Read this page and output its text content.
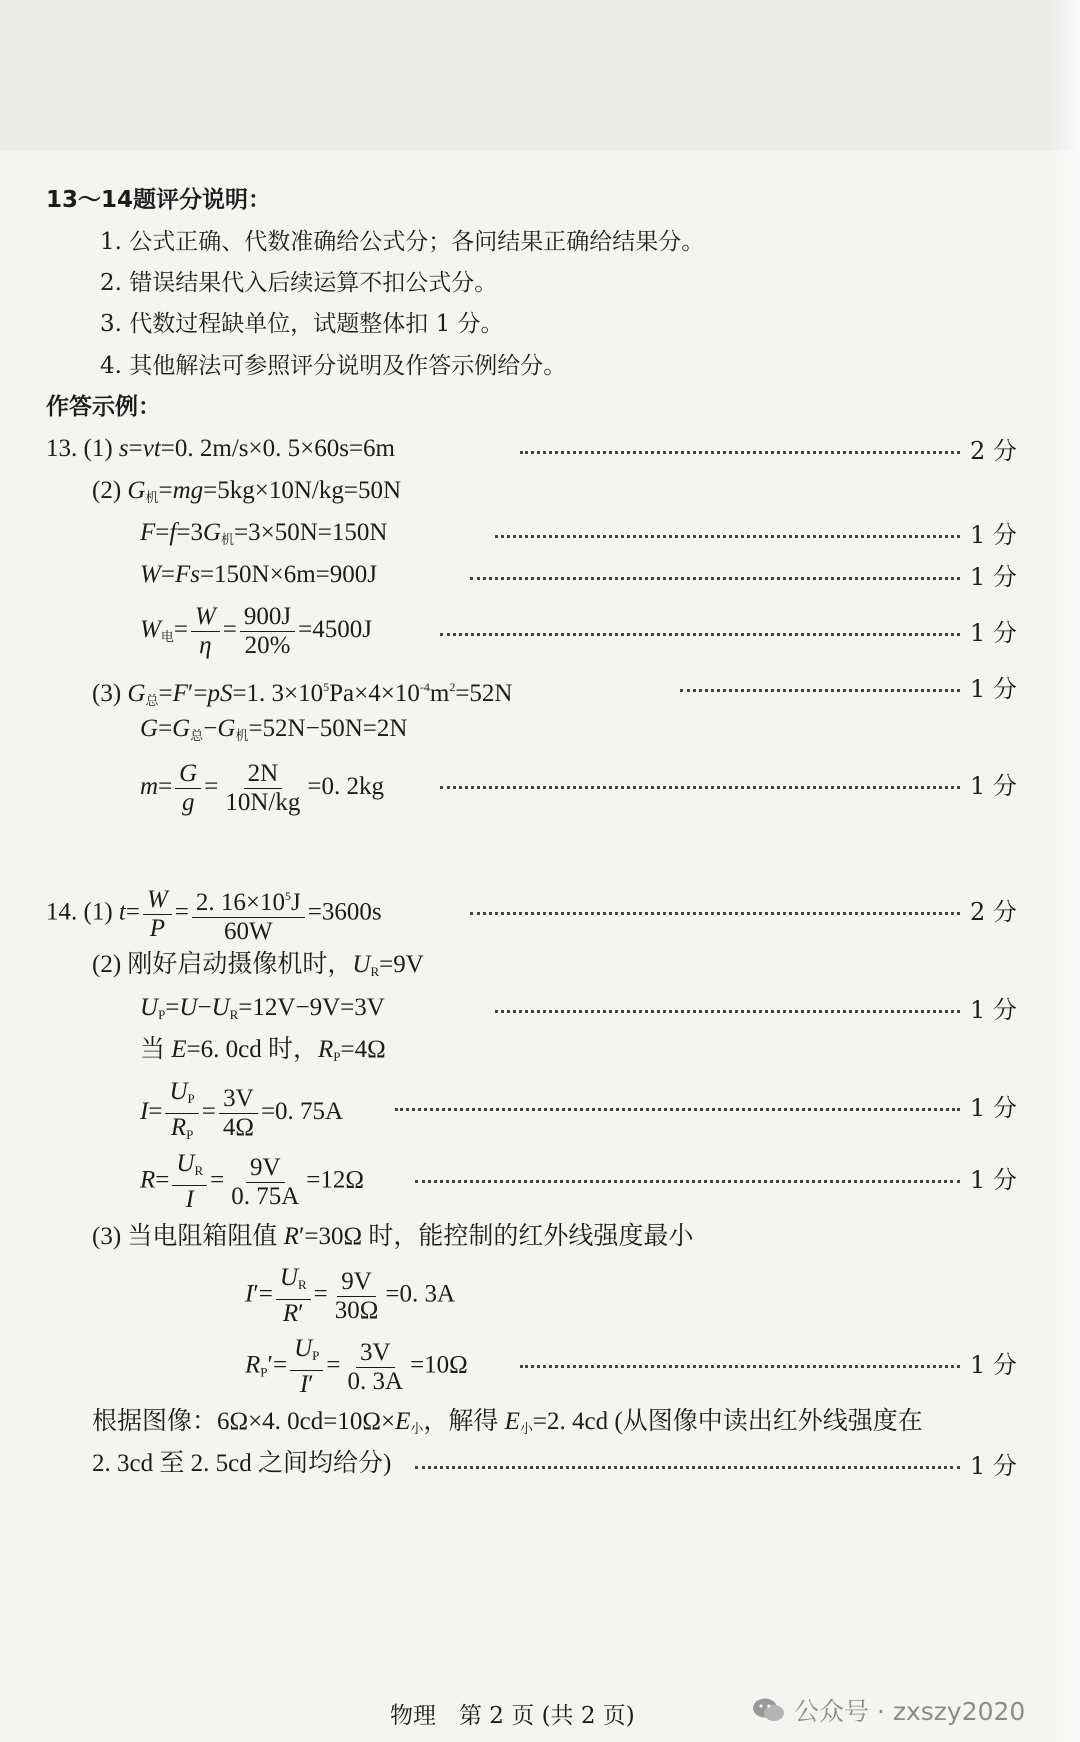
13～14题评分说明：
1. 公式正确、代数准确给公式分；各问结果正确给结果分。
2. 错误结果代入后续运算不扣公式分。
3. 代数过程缺单位，试题整体扣 1 分。
4. 其他解法可参照评分说明及作答示例给分。
作答示例：
13. (1) s=vt=0. 2m/s×0. 5×60s=6m	2 分
(2) $G_机=mg=5kg\times 10N/kg=50N$
$F=f=3G_机=3\times 50N=150N$	1 分
W=Fs=150N×6m=900J	1 分
$W_电= \frac{W}{\eta} = \frac{900J}{20\%} =4500J$	1 分
(3) $G_总=F'=pS=1$. $3\times 10^5Pa\times 4\times 10^{-4}m^2=52N$	1 分
$G=G_总-G_机=52N-50N=2N$
$m= \frac{G}{g} = \frac{2N}{10N/kg} =0$. 2kg	1 分
14. (1) $t= \frac{W}{P} = \frac{2. 16\times 10^5J}{60W} =3600s$	2 分
(2) 刚好启动摄像机时，$U_R=9V$
$U_P=U-U_R=12V-9V=3V$	1 分
当 E=6. 0cd 时，$R_P=4\Omega$
$I= \frac{U_P}{R_P} = \frac{3V}{4\Omega} =0$. 75A	1 分
$R= \frac{U_R}{I} = \frac{9V}{0. 75A} =12\Omega$	1 分
(3) 当电阻箱阻值 R′=30Ω 时，能控制的红外线强度最小
$I'= \frac{U_R}{R'} = \frac{9V}{30\Omega} =0$. 3A
$R_P'= \frac{U_P}{I'} = \frac{3V}{0. 3A} =10\Omega$	1 分
根据图像：6Ω×4. $0cd=10\Omega\times E_小$，解得 $E_小=2$. 4cd (从图像中读出红外线强度在
2. 3cd 至 2. 5cd 之间均给分)	1 分
物理　第 2 页 (共 2 页)	公众号 · zxszy2020
